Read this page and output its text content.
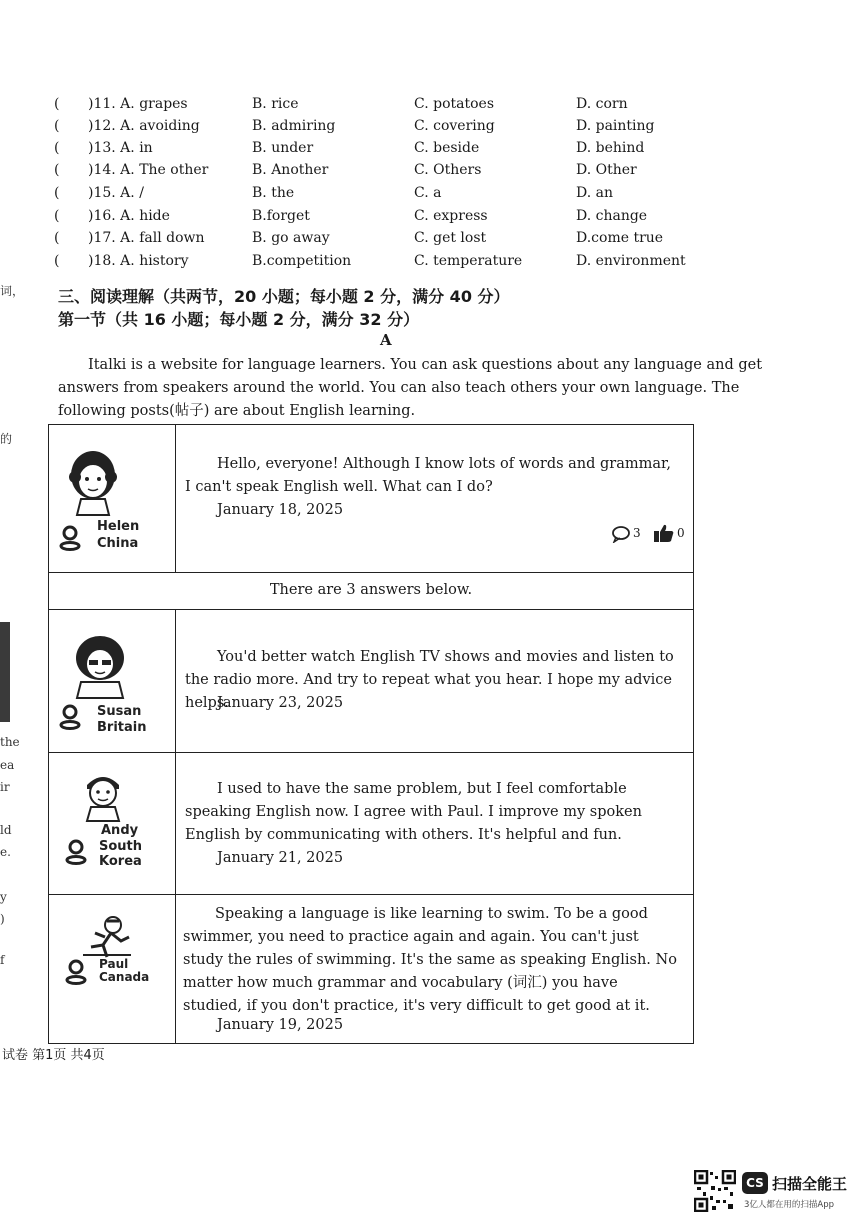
词，
的
the
ea
ir
ld
e.
y
)
f
( )11. A. grapes	B. rice	C. potatoes	D. corn
( )12. A. avoiding	B. admiring	C. covering	D. painting
( )13. A. in	B. under	C. beside	D. behind
( )14. A. The other	B. Another	C. Others	D. Other
( )15. A. /	B. the	C. a	D. an
( )16. A. hide	B.forget	C. express	D. change
( )17. A. fall down	B. go away	C. get lost	D.come true
( )18. A. history	B.competition	C. temperature	D. environment
三、阅读理解（共两节，20 小题；每小题 2 分，满分 40 分）
第一节（共 16 小题；每小题 2 分，满分 32 分）
A
Italki is a website for language learners. You can ask questions about any language and get answers from speakers around the world. You can also teach others your own language. The following posts(帖子) are about English learning.
Helen
China
Hello, everyone! Although I know lots of words and grammar, I can't speak English well. What can I do?
January 18, 2025
3	0
There are 3 answers below.
Susan
Britain
You'd better watch English TV shows and movies and listen to the radio more. And try to repeat what you hear. I hope my advice helps.
January 23, 2025
Andy
South Korea
I used to have the same problem, but I feel comfortable speaking English now. I agree with Paul. I improve my spoken English by communicating with others. It's helpful and fun.
January 21, 2025
Paul
Canada
Speaking a language is like learning to swim. To be a good swimmer, you need to practice again and again. You can't just study the rules of swimming. It's the same as speaking English. No matter how much grammar and vocabulary (词汇) you have studied, if you don't practice, it's very difficult to get good at it.
January 19, 2025
试卷 第1页 共4页
CS 扫描全能王
3亿人都在用的扫描App
